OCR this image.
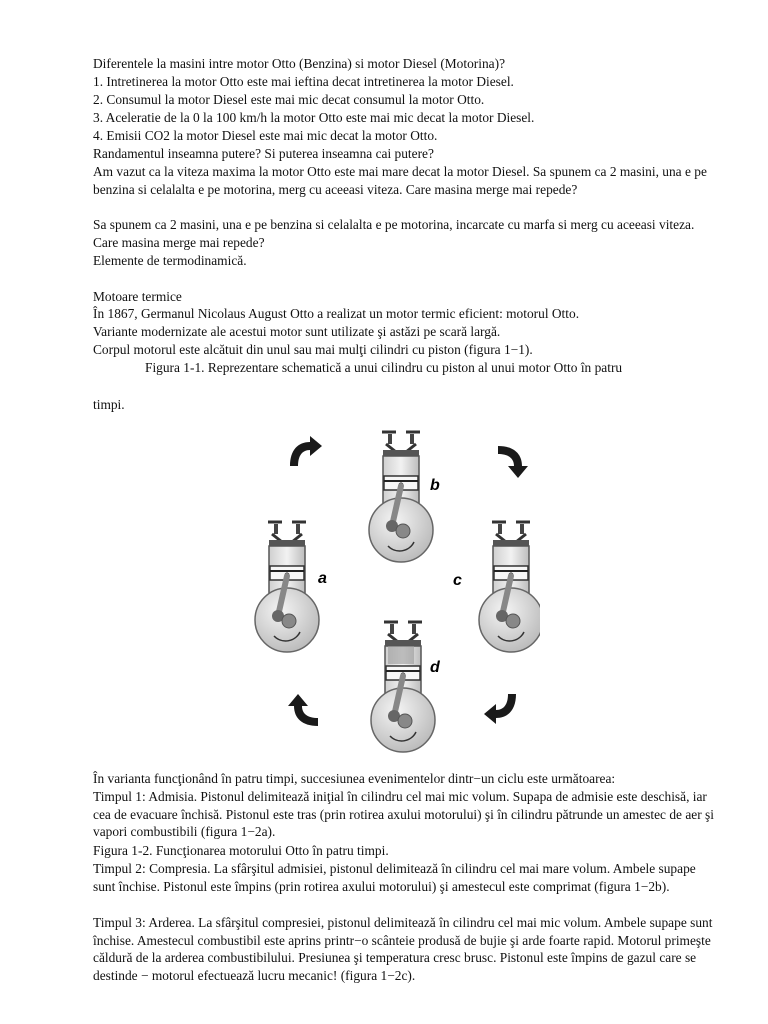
Diferentele la masini intre motor Otto (Benzina) si motor Diesel (Motorina)?
1. Intretinerea la motor Otto este mai ieftina decat intretinerea la motor Diesel.
2. Consumul la motor Diesel este mai mic decat consumul la motor Otto.
3. Aceleratie de la 0 la 100 km/h la motor Otto este mai mic decat la motor Diesel.
4. Emisii CO2 la motor Diesel este mai mic decat la motor Otto.
Randamentul inseamna putere? Si puterea inseamna cai putere?
Am vazut ca la viteza maxima la motor Otto este mai mare decat la motor Diesel. Sa spunem ca 2 masini, una e pe benzina si celalalta e pe motorina, merg cu aceeasi viteza. Care masina merge mai repede?
Sa spunem ca 2 masini, una e pe benzina si celalalta e pe motorina, incarcate cu marfa si merg cu aceeasi viteza. Care masina merge mai repede?
Elemente de termodinamică.
Motoare termice
În 1867, Germanul Nicolaus August Otto a realizat un motor termic eficient: motorul Otto.
Variante modernizate ale acestui motor sunt utilizate şi astăzi pe scară largă.
Corpul motorul este alcătuit din unul sau mai mulţi cilindri cu piston (figura 1−1).
Figura 1-1. Reprezentare schematică a unui cilindru cu piston al unui motor Otto în patru
timpi.
a
b
c
d
În varianta funcţionând în patru timpi, succesiunea evenimentelor dintr−un ciclu este următoarea:
Timpul 1: Admisia. Pistonul delimitează iniţial în cilindru cel mai mic volum. Supapa de admisie este deschisă, iar cea de evacuare închisă. Pistonul este tras (prin rotirea axului motorului) şi în cilindru pătrunde un amestec de aer şi vapori combustibili (figura 1−2a).
Figura 1-2. Funcţionarea motorului Otto în patru timpi.
Timpul 2: Compresia. La sfârşitul admisiei, pistonul delimitează în cilindru cel mai mare volum. Ambele supape sunt închise. Pistonul este împins (prin rotirea axului motorului) şi amestecul este comprimat (figura 1−2b).
Timpul 3: Arderea. La sfârşitul compresiei, pistonul delimitează în cilindru cel mai mic volum. Ambele supape sunt închise. Amestecul combustibil este aprins printr−o scânteie produsă de bujie şi arde foarte rapid. Motorul primeşte căldură de la arderea combustibilului. Presiunea şi temperatura cresc brusc. Pistonul este împins de gazul care se destinde − motorul efectuează lucru mecanic! (figura 1−2c).
